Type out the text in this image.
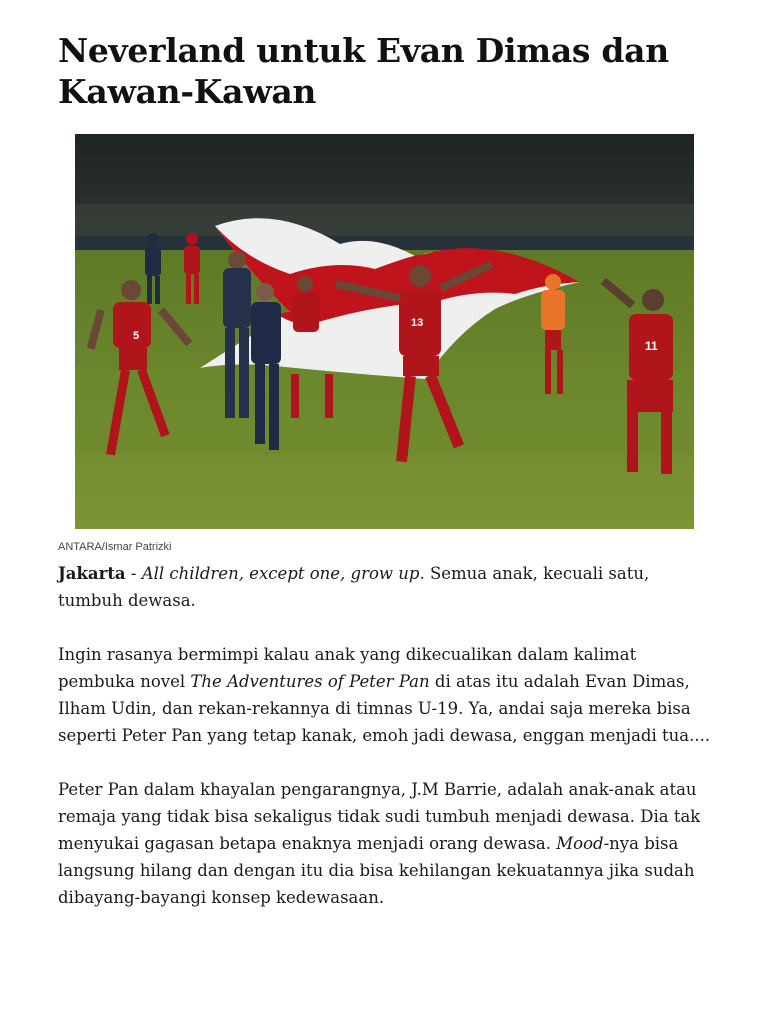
Neverland untuk Evan Dimas dan Kawan-Kawan
5
13
11
ANTARA/Ismar Patrizki

Jakarta - All children, except one, grow up. Semua anak, kecuali satu, tumbuh dewasa.

Ingin rasanya bermimpi kalau anak yang dikecualikan dalam kalimat pembuka novel The Adventures of Peter Pan di atas itu adalah Evan Dimas, Ilham Udin, dan rekan-rekannya di timnas U-19. Ya, andai saja mereka bisa seperti Peter Pan yang tetap kanak, emoh jadi dewasa, enggan menjadi tua....

Peter Pan dalam khayalan pengarangnya, J.M Barrie, adalah anak-anak atau remaja yang tidak bisa sekaligus tidak sudi tumbuh menjadi dewasa. Dia tak menyukai gagasan betapa enaknya menjadi orang dewasa. Mood-nya bisa langsung hilang dan dengan itu dia bisa kehilangan kekuatannya jika sudah dibayang-bayangi konsep kedewasaan.
